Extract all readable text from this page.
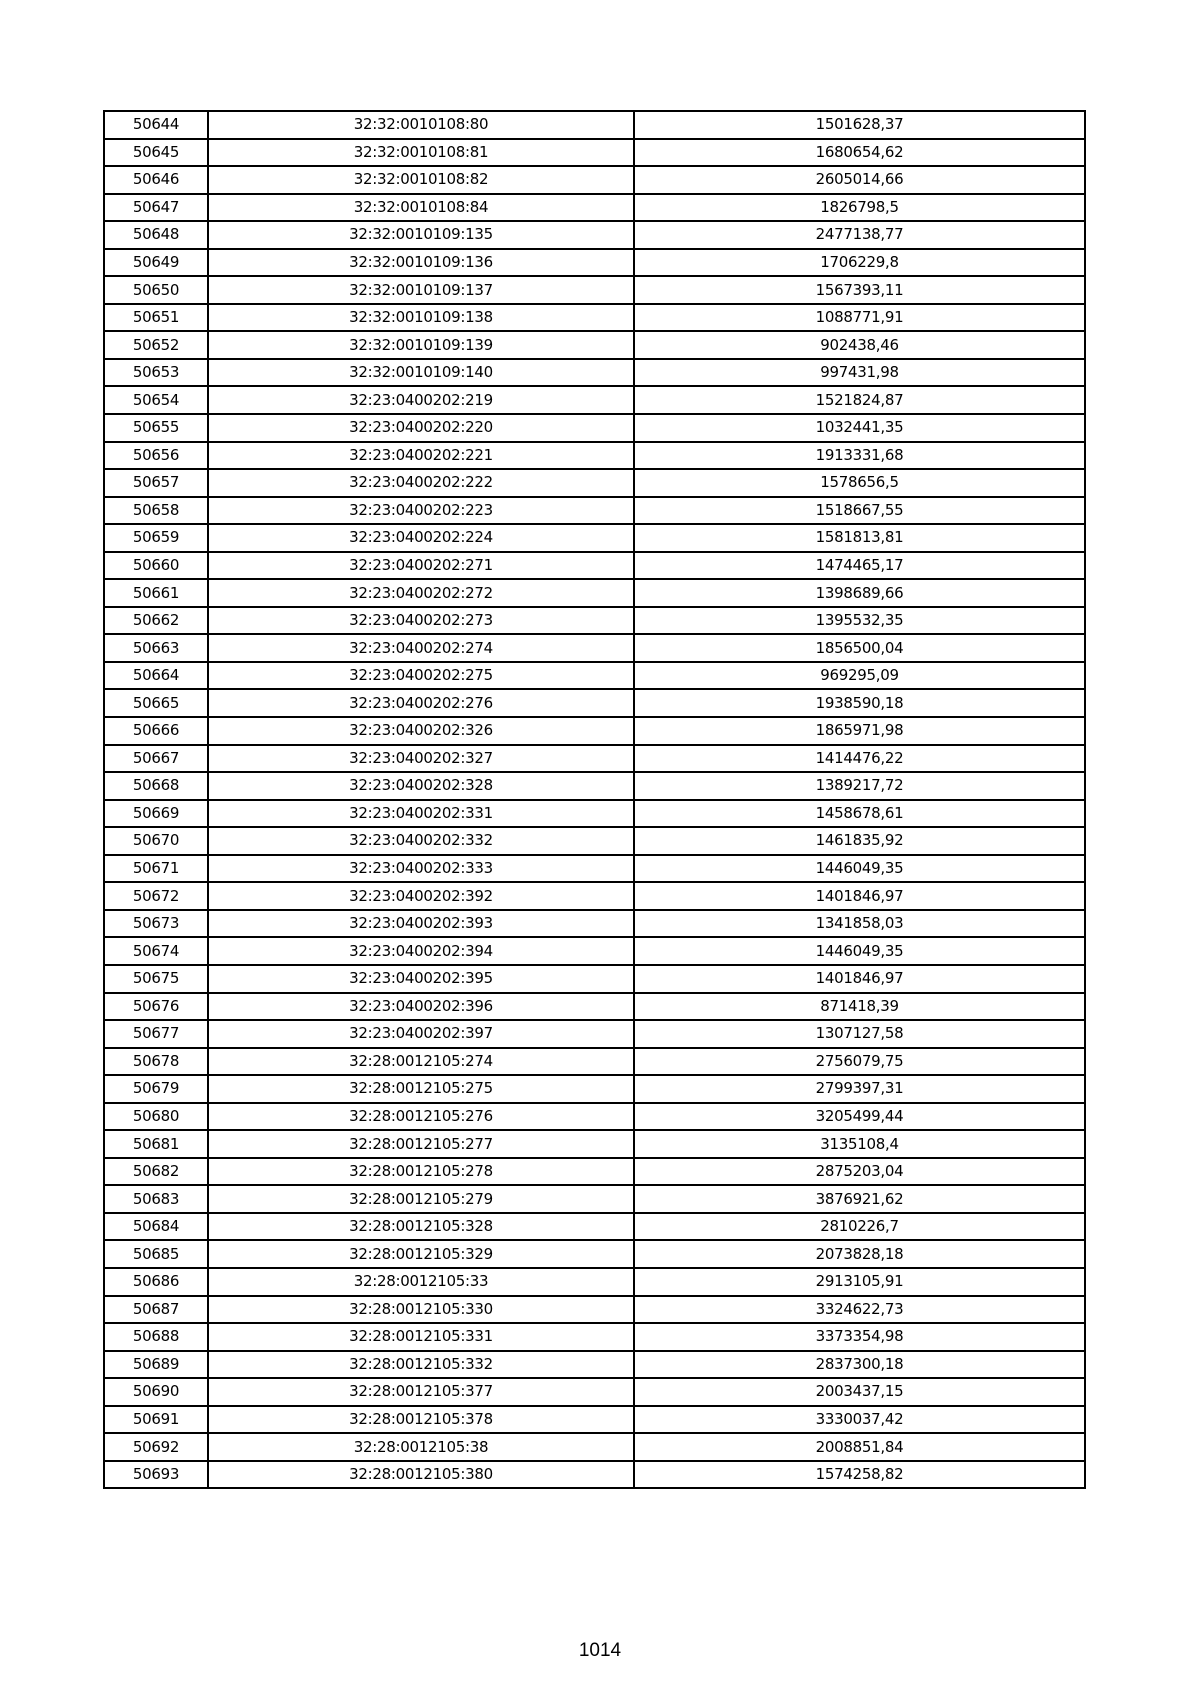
50644	32:32:0010108:80	1501628,37
50645	32:32:0010108:81	1680654,62
50646	32:32:0010108:82	2605014,66
50647	32:32:0010108:84	1826798,5
50648	32:32:0010109:135	2477138,77
50649	32:32:0010109:136	1706229,8
50650	32:32:0010109:137	1567393,11
50651	32:32:0010109:138	1088771,91
50652	32:32:0010109:139	902438,46
50653	32:32:0010109:140	997431,98
50654	32:23:0400202:219	1521824,87
50655	32:23:0400202:220	1032441,35
50656	32:23:0400202:221	1913331,68
50657	32:23:0400202:222	1578656,5
50658	32:23:0400202:223	1518667,55
50659	32:23:0400202:224	1581813,81
50660	32:23:0400202:271	1474465,17
50661	32:23:0400202:272	1398689,66
50662	32:23:0400202:273	1395532,35
50663	32:23:0400202:274	1856500,04
50664	32:23:0400202:275	969295,09
50665	32:23:0400202:276	1938590,18
50666	32:23:0400202:326	1865971,98
50667	32:23:0400202:327	1414476,22
50668	32:23:0400202:328	1389217,72
50669	32:23:0400202:331	1458678,61
50670	32:23:0400202:332	1461835,92
50671	32:23:0400202:333	1446049,35
50672	32:23:0400202:392	1401846,97
50673	32:23:0400202:393	1341858,03
50674	32:23:0400202:394	1446049,35
50675	32:23:0400202:395	1401846,97
50676	32:23:0400202:396	871418,39
50677	32:23:0400202:397	1307127,58
50678	32:28:0012105:274	2756079,75
50679	32:28:0012105:275	2799397,31
50680	32:28:0012105:276	3205499,44
50681	32:28:0012105:277	3135108,4
50682	32:28:0012105:278	2875203,04
50683	32:28:0012105:279	3876921,62
50684	32:28:0012105:328	2810226,7
50685	32:28:0012105:329	2073828,18
50686	32:28:0012105:33	2913105,91
50687	32:28:0012105:330	3324622,73
50688	32:28:0012105:331	3373354,98
50689	32:28:0012105:332	2837300,18
50690	32:28:0012105:377	2003437,15
50691	32:28:0012105:378	3330037,42
50692	32:28:0012105:38	2008851,84
50693	32:28:0012105:380	1574258,82
1014
